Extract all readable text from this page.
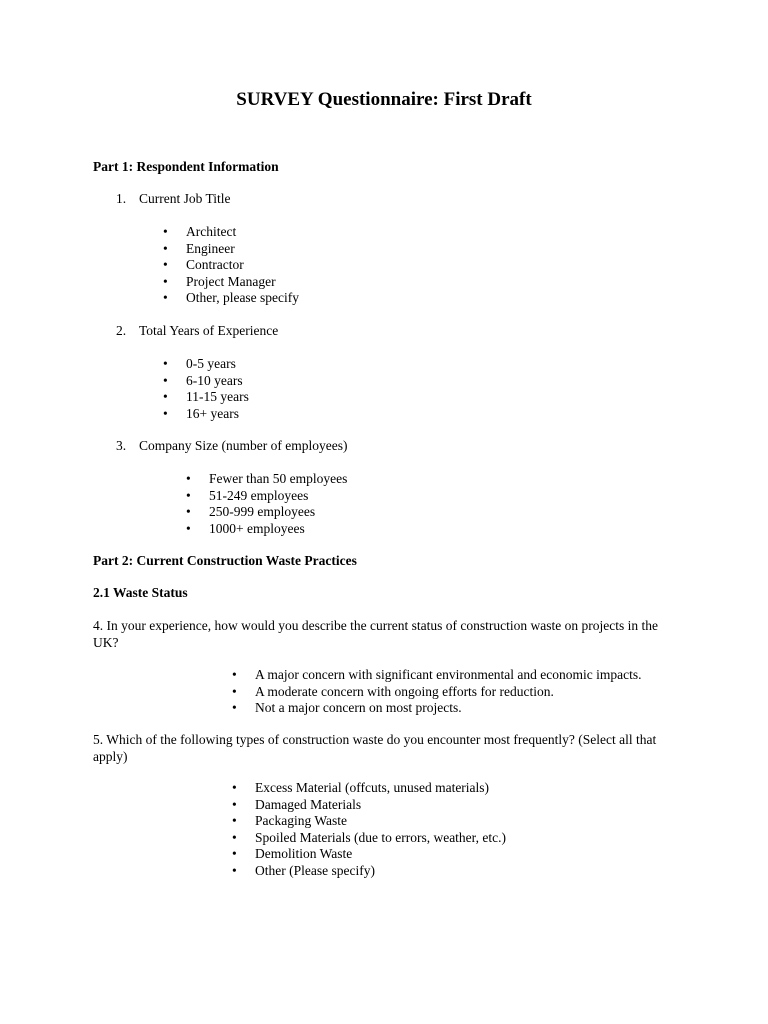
SURVEY Questionnaire: First Draft
Part 1: Respondent Information
1. Current Job Title
• Architect
• Engineer
• Contractor
• Project Manager
• Other, please specify
2. Total Years of Experience
• 0-5 years
• 6-10 years
• 11-15 years
• 16+ years
3. Company Size (number of employees)
• Fewer than 50 employees
• 51-249 employees
• 250-999 employees
• 1000+ employees
Part 2: Current Construction Waste Practices
2.1 Waste Status
4. In your experience, how would you describe the current status of construction waste on projects in the UK?
• A major concern with significant environmental and economic impacts.
• A moderate concern with ongoing efforts for reduction.
• Not a major concern on most projects.
5. Which of the following types of construction waste do you encounter most frequently? (Select all that apply)
• Excess Material (offcuts, unused materials)
• Damaged Materials
• Packaging Waste
• Spoiled Materials (due to errors, weather, etc.)
• Demolition Waste
• Other (Please specify)
